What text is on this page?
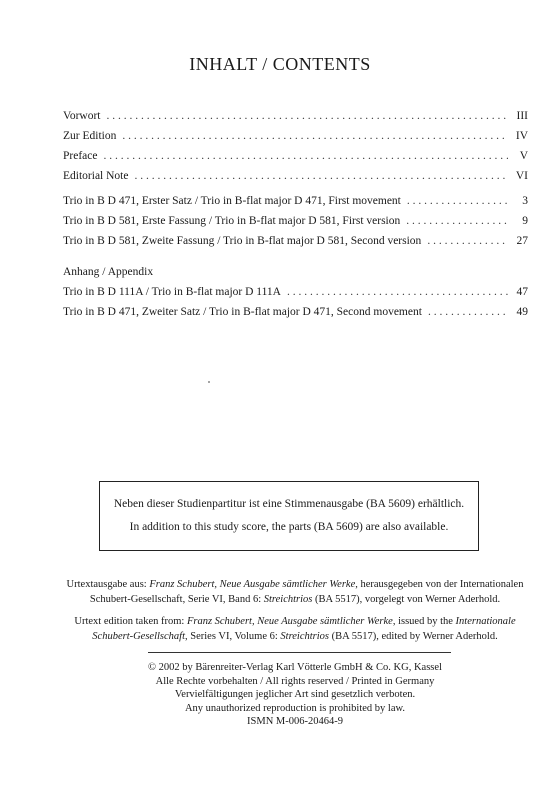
INHALT / CONTENTS
Vorwort . . .	III
Zur Edition . . .	IV
Preface . . .	V
Editorial Note . . .	VI
Trio in B D 471, Erster Satz / Trio in B-flat major D 471, First movement . . .	3
Trio in B D 581, Erste Fassung / Trio in B-flat major D 581, First version . . .	9
Trio in B D 581, Zweite Fassung / Trio in B-flat major D 581, Second version . . .	27
Anhang / Appendix
Trio in B D 111A / Trio in B-flat major D 111A . . .	47
Trio in B D 471, Zweiter Satz / Trio in B-flat major D 471, Second movement . . .	49
Neben dieser Studienpartitur ist eine Stimmenausgabe (BA 5609) erhältlich.
In addition to this study score, the parts (BA 5609) are also available.
Urtextausgabe aus: Franz Schubert, Neue Ausgabe sämtlicher Werke, herausgegeben von der Internationalen Schubert-Gesellschaft, Serie VI, Band 6: Streichtrios (BA 5517), vorgelegt von Werner Aderhold.
Urtext edition taken from: Franz Schubert, Neue Ausgabe sämtlicher Werke, issued by the Internationale Schubert-Gesellschaft, Series VI, Volume 6: Streichtrios (BA 5517), edited by Werner Aderhold.
© 2002 by Bärenreiter-Verlag Karl Vötterle GmbH & Co. KG, Kassel
Alle Rechte vorbehalten / All rights reserved / Printed in Germany
Vervielfältigungen jeglicher Art sind gesetzlich verboten.
Any unauthorized reproduction is prohibited by law.
ISMN M-006-20464-9
